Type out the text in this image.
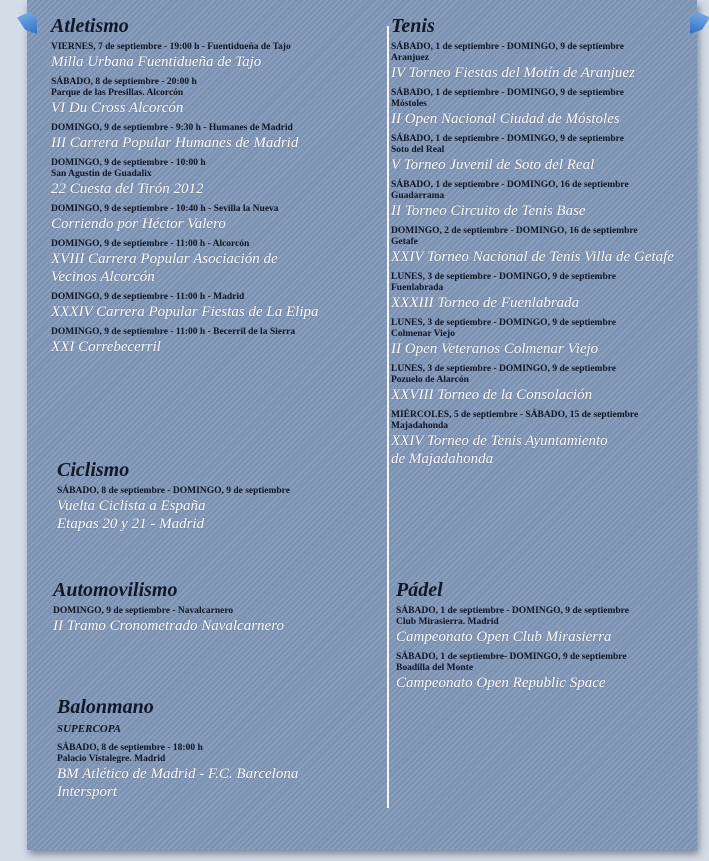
Atletismo
VIERNES, 7 de septiembre - 19:00 h - Fuentidueña de Tajo
Milla Urbana Fuentidueña de Tajo
SÁBADO, 8 de septiembre - 20:00 h
Parque de las Presillas. Alcorcón
VI Du Cross Alcorcón
DOMINGO, 9 de septiembre - 9:30 h - Humanes de Madrid
III Carrera Popular Humanes de Madrid
DOMINGO, 9 de septiembre - 10:00 h
San Agustín de Guadalix
22 Cuesta del Tirón 2012
DOMINGO, 9 de septiembre - 10:40 h - Sevilla la Nueva
Corriendo por Héctor Valero
DOMINGO, 9 de septiembre - 11:00 h - Alcorcón
XVIII Carrera Popular Asociación de
Vecinos Alcorcón
DOMINGO, 9 de septiembre - 11:00 h - Madrid
XXXIV Carrera Popular Fiestas de La Elipa
DOMINGO, 9 de septiembre - 11:00 h - Becerril de la Sierra
XXI Correbecerril
Ciclismo
SÁBADO, 8 de septiembre - DOMINGO, 9 de septiembre
Vuelta Ciclista a España
Etapas 20 y 21 - Madrid
Automovilismo
DOMINGO, 9 de septiembre - Navalcarnero
II Tramo Cronometrado Navalcarnero
Balonmano
SUPERCOPA
SÁBADO, 8 de septiembre - 18:00 h
Palacio Vistalegre. Madrid
BM Atlético de Madrid - F.C. Barcelona
Intersport
Tenis
SÁBADO, 1 de septiembre - DOMINGO, 9 de septiembre
Aranjuez
IV Torneo Fiestas del Motín de Aranjuez
SÁBADO, 1 de septiembre - DOMINGO, 9 de septiembre
Móstoles
II Open Nacional Ciudad de Móstoles
SÁBADO, 1 de septiembre - DOMINGO, 9 de septiembre
Soto del Real
V Torneo Juvenil de Soto del Real
SÁBADO, 1 de septiembre - DOMINGO, 16 de septiembre
Guadarrama
II Torneo Circuito de Tenis Base
DOMINGO, 2 de septiembre - DOMINGO, 16 de septiembre
Getafe
XXIV Torneo Nacional de Tenis Villa de Getafe
LUNES, 3 de septiembre - DOMINGO, 9 de septiembre
Fuenlabrada
XXXIII Torneo de Fuenlabrada
LUNES, 3 de septiembre - DOMINGO, 9 de septiembre
Colmenar Viejo
II Open Veteranos Colmenar Viejo
LUNES, 3 de septiembre - DOMINGO, 9 de septiembre
Pozuelo de Alarcón
XXVIII Torneo de la Consolación
MIÉRCOLES, 5 de septiembre - SÁBADO, 15 de septiembre
Majadahonda
XXIV Torneo de Tenis Ayuntamiento
de Majadahonda
Pádel
SÁBADO, 1 de septiembre - DOMINGO, 9 de septiembre
Club Mirasierra. Madrid
Campeonato Open Club Mirasierra
SÁBADO, 1 de septiembre- DOMINGO, 9 de septiembre
Boadilla del Monte
Campeonato Open Republic Space
